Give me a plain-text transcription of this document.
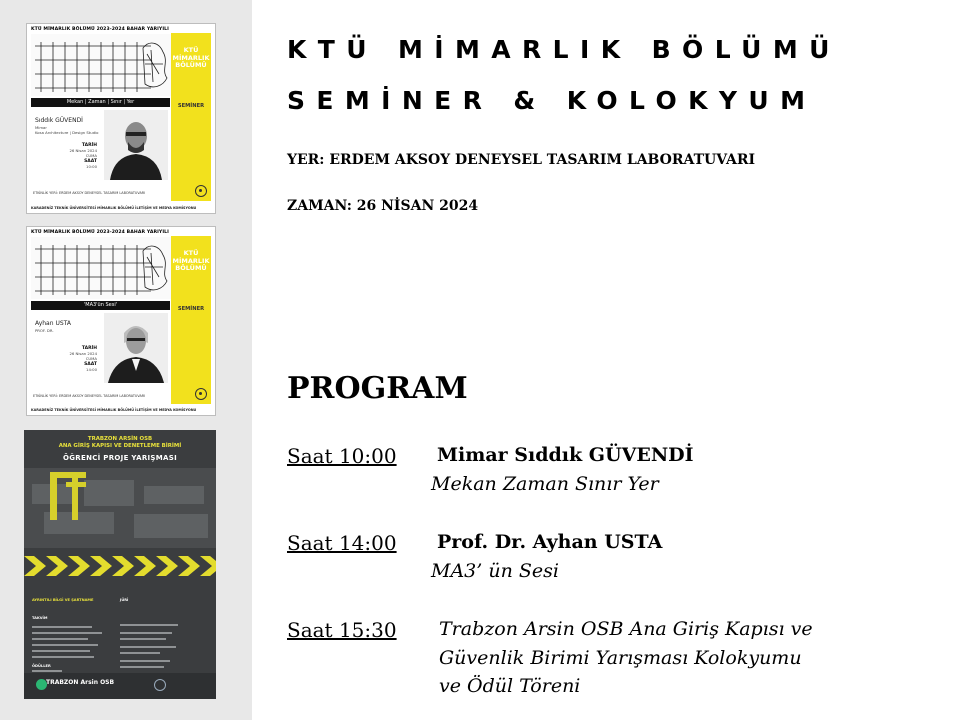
KTÜ MİMARLIK BÖLÜMÜ 2023-2024 BAHAR YARIYILI
KTÜ MİMARLIK BÖLÜMÜ
SEMİNER
Mekan | Zaman | Sınır | Yer
Sıddık GÜVENDİ
Mimar
Kosa Architecture | Design Studio
TARİH
26 Nisan 2024
CUMA
SAAT
10:00
ETKİNLİK YERİ: ERDEM AKSOY DENEYSEL TASARIM LABORATUVARI
KARADENİZ TEKNİK ÜNİVERSİTESİ MİMARLIK BÖLÜMÜ İLETİŞİM VE MEDYA KOMİSYONU
KTÜ MİMARLIK BÖLÜMÜ 2023-2024 BAHAR YARIYILI
KTÜ MİMARLIK BÖLÜMÜ
SEMİNER
'MA3'ün Sesi'
Ayhan USTA
PROF. DR.
TARİH
26 Nisan 2024
CUMA
SAAT
14:00
ETKİNLİK YERİ: ERDEM AKSOY DENEYSEL TASARIM LABORATUVARI
KARADENİZ TEKNİK ÜNİVERSİTESİ MİMARLIK BÖLÜMÜ İLETİŞİM VE MEDYA KOMİSYONU
TRABZON ARSİN OSB
ANA GİRİŞ KAPISI VE DENETLEME BİRİMİ
ÖĞRENCİ PROJE YARIŞMASI
AYRINTILI BİLGİ VE ŞARTNAME
TAKVİM
JÜRİ
ÖDÜLLER
TRABZON Arsin OSB
KTÜ MİMARLIK BÖLÜMÜ
SEMİNER & KOLOKYUM
YER: ERDEM AKSOY DENEYSEL TASARIM LABORATUVARI
ZAMAN: 26 NİSAN 2024
PROGRAM
Saat 10:00 Mimar Sıddık GÜVENDİ
Mekan Zaman Sınır Yer
Saat 14:00 Prof. Dr. Ayhan USTA
MA3’ ün Sesi
Saat 15:30 Trabzon Arsin OSB Ana Giriş Kapısı ve
Güvenlik Birimi Yarışması Kolokyumu
ve Ödül Töreni
